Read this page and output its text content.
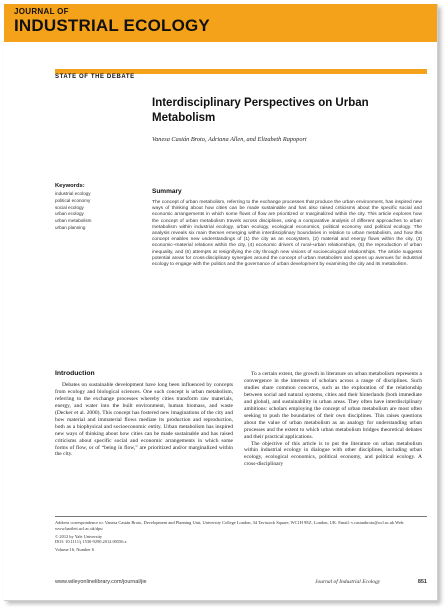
JOURNAL OF
INDUSTRIAL ECOLOGY
STATE OF THE DEBATE
Interdisciplinary Perspectives on Urban Metabolism
Vanesa Castán Broto, Adriana Allen, and Elizabeth Rapoport
Keywords:
industrial ecology
political economy
social ecology
urban ecology
urban metabolism
urban planning
Summary
The concept of urban metabolism, referring to the exchange processes that produce the urban environment, has inspired new ways of thinking about how cities can be made sustainable and has also raised criticisms about the specific social and economic arrangements in which some flows of flow are prioritized or marginalized within the city. This article explores how the concept of urban metabolism travels across disciplines, using a comparative analysis of different approaches to urban metabolism within industrial ecology, urban ecology, ecological economics, political economy and political ecology. The analysis reveals six main themes emerging within interdisciplinary boundaries in relation to urban metabolism, and how this concept enables new understandings of (1) the city as an ecosystem, (2) material and energy flows within the city, (3) economic–material relations within the city, (4) economic drivers of rural–urban relationships, (5) the reproduction of urban inequality, and (6) attempts at resignifying the city through new visions of socioecological relationships. The article suggests potential areas for cross-disciplinary synergies around the concept of urban metabolism and opens up avenues for industrial ecology to engage with the politics and the governance of urban development by examining the city and its metabolism.
Introduction

Debates on sustainable development have long been influenced by concepts from ecology and biological sciences. One such concept is urban metabolism, referring to the exchange processes whereby cities transform raw materials, energy, and water into the built environment, human biomass, and waste (Decker et al. 2000). This concept has fostered new imaginations of the city and how material and immaterial flows mediate its production and reproduction, both as a biophysical and socioeconomic entity. Urban metabolism has inspired new ways of thinking about how cities can be made sustainable and has raised criticisms about specific social and economic arrangements in which some forms of flow, or of “being in flow,” are prioritized and/or marginalized within the city.

To a certain extent, the growth in literature on urban metabolism represents a convergence in the interests of scholars across a range of disciplines. Such studies share common concerns, such as the exploration of the relationship between social and natural systems, cities and their hinterlands (both immediate and global), and sustainability in urban areas. They often have interdisciplinary ambitions: scholars employing the concept of urban metabolism are most often seeking to push the boundaries of their own disciplines. This raises questions about the value of urban metabolism as an analogy for understanding urban processes and the extent to which urban metabolism bridges theoretical debates and their practical applications.

The objective of this article is to put the literature on urban metabolism within industrial ecology in dialogue with other disciplines, including urban ecology, ecological economics, political economy, and political ecology. A cross-disciplinary

Address correspondence to: Vanesa Castán Broto, Development and Planning Unit, University College London, 34 Tavistock Square, WC1H 9EZ, London, UK. Email: v.castanbroto@ucl.ac.uk Web: www.bartlett.ucl.ac.uk/dpu

© 2012 by Yale University

DOI: 10.1111/j.1530-9290.2012.00556.x

Volume 16, Number 6

www.wileyonlinelibrary.com/journal/jie	Journal of Industrial Ecology	851
